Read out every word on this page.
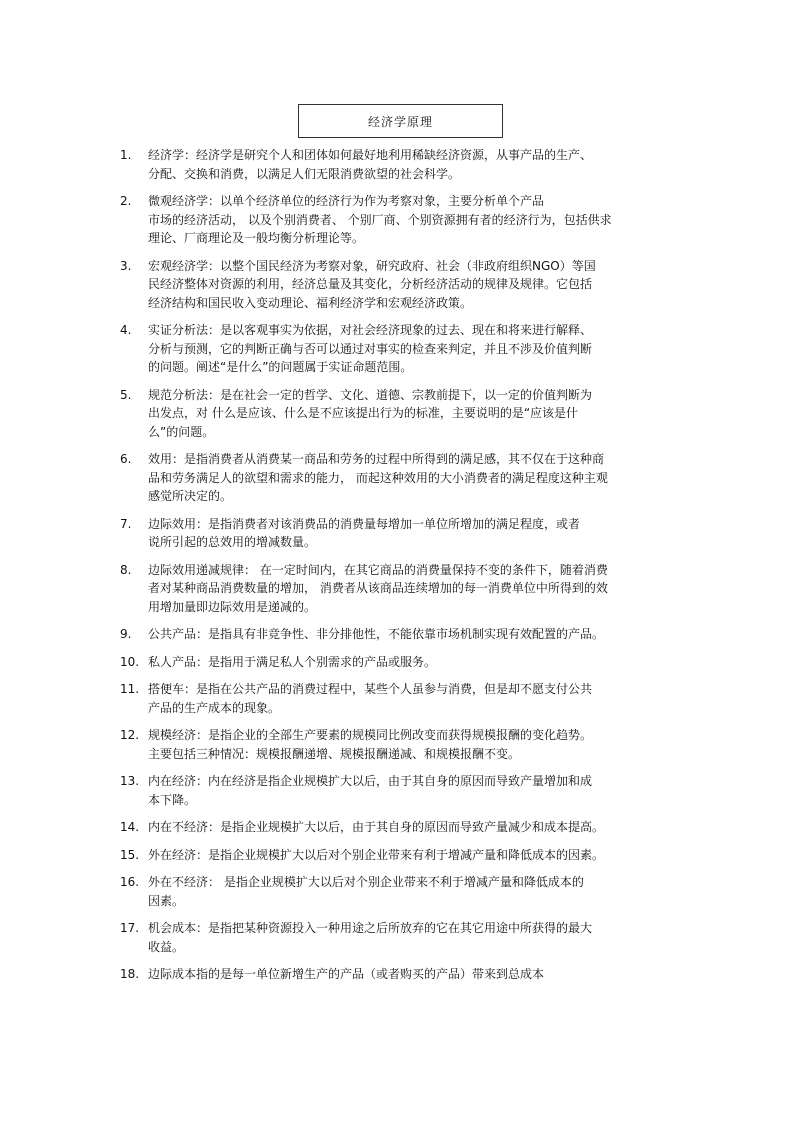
经济学原理
1.	经济学：经济学是研究个人和团体如何最好地利用稀缺经济资源，从事产品的生产、
分配、交换和消费，以满足人们无限消费欲望的社会科学。
2.	微观经济学：以单个经济单位的经济行为作为考察对象，主要分析单个产品
市场的经济活动， 以及个别消费者、 个别厂商、个别资源拥有者的经济行为，包括供求
理论、厂商理论及一般均衡分析理论等。
3.	宏观经济学：以整个国民经济为考察对象，研究政府、社会（非政府组织NGO）等国
民经济整体对资源的利用，经济总量及其变化，分析经济活动的规律及规律。它包括
经济结构和国民收入变动理论、福利经济学和宏观经济政策。
4.	实证分析法：是以客观事实为依据，对社会经济现象的过去、现在和将来进行解释、
分析与预测，它的判断正确与否可以通过对事实的检查来判定，并且不涉及价值判断
的问题。阐述“是什么”的问题属于实证命题范围。
5.	规范分析法：是在社会一定的哲学、文化、道德、宗教前提下，以一定的价值判断为
出发点，对 什么是应该、什么是不应该提出行为的标准，主要说明的是“应该是什
么”的问题。
6.	效用：是指消费者从消费某一商品和劳务的过程中所得到的满足感，其不仅在于这种商
品和劳务满足人的欲望和需求的能力， 而起这种效用的大小消费者的满足程度这种主观
感觉所决定的。
7.	边际效用：是指消费者对该消费品的消费量每增加一单位所增加的满足程度，或者
说所引起的总效用的增减数量。
8.	边际效用递减规律： 在一定时间内，在其它商品的消费量保持不变的条件下，随着消费
者对某种商品消费数量的增加， 消费者从该商品连续增加的每一消费单位中所得到的效
用增加量即边际效用是递减的。
9.	公共产品：是指具有非竞争性、非分排他性，不能依靠市场机制实现有效配置的产品。
10. 私人产品：是指用于满足私人个别需求的产品或服务。
11. 搭便车：是指在公共产品的消费过程中，某些个人虽参与消费，但是却不愿支付公共
产品的生产成本的现象。
12. 规模经济：是指企业的全部生产要素的规模同比例改变而获得规模报酬的变化趋势。
主要包括三种情况：规模报酬递增、规模报酬递减、和规模报酬不变。
13. 内在经济：内在经济是指企业规模扩大以后，由于其自身的原因而导致产量增加和成
本下降。
14. 内在不经济：是指企业规模扩大以后，由于其自身的原因而导致产量减少和成本提高。
15. 外在经济：是指企业规模扩大以后对个别企业带来有利于增减产量和降低成本的因素。
16. 外在不经济： 是指企业规模扩大以后对个别企业带来不利于增减产量和降低成本的
因素。
17. 机会成本：是指把某种资源投入一种用途之后所放弃的它在其它用途中所获得的最大
收益。
18. 边际成本指的是每一单位新增生产的产品（或者购买的产品）带来到总成本
